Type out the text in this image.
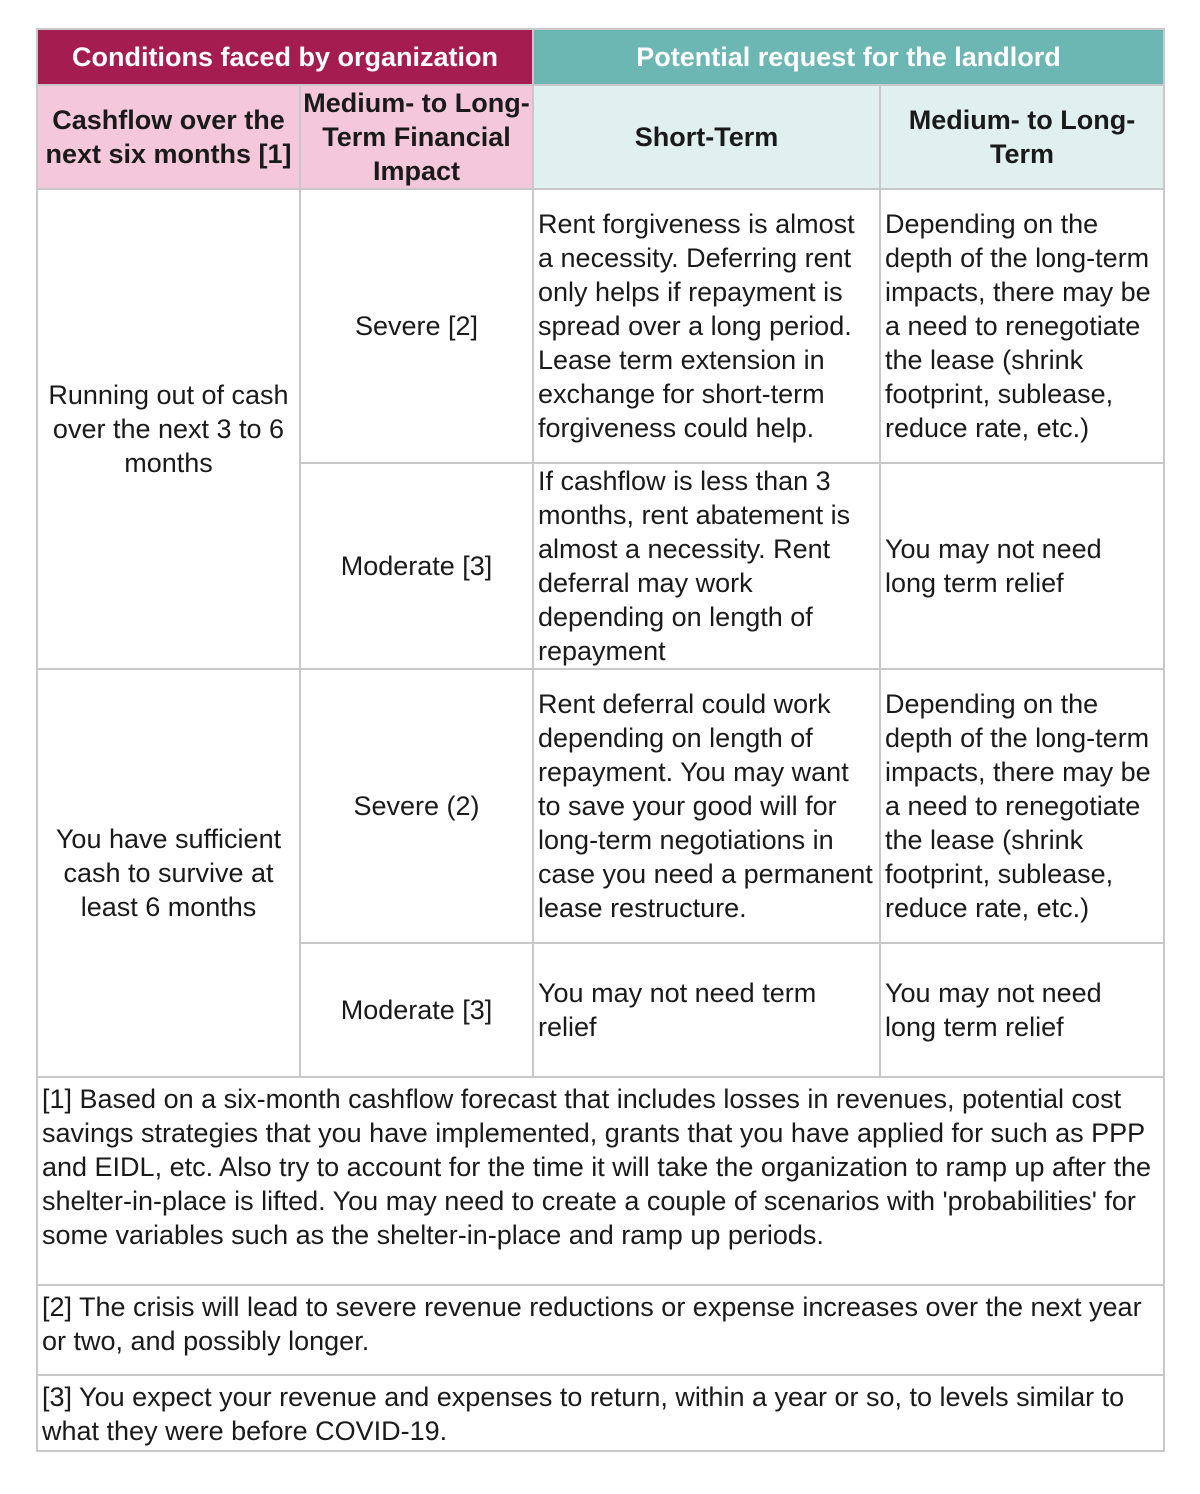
Conditions faced by organization		Potential request for the landlord	
Cashflow over the next six months [1]	Medium- to Long-Term Financial Impact	Short-Term	Medium- to Long-Term
Running out of cash over the next 3 to 6 months	Severe [2]	Rent forgiveness is almost a necessity. Deferring rent only helps if repayment is spread over a long period. Lease term extension in exchange for short-term forgiveness could help.	Depending on the depth of the long-term impacts, there may be a need to renegotiate the lease (shrink footprint, sublease, reduce rate, etc.)
	Moderate [3]	If cashflow is less than 3 months, rent abatement is almost a necessity. Rent deferral may work depending on length of repayment	You may not need long term relief
You have sufficient cash to survive at least 6 months	Severe (2)	Rent deferral could work depending on length of repayment. You may want to save your good will for long-term negotiations in case you need a permanent lease restructure.	Depending on the depth of the long-term impacts, there may be a need to renegotiate the lease (shrink footprint, sublease, reduce rate, etc.)
	Moderate [3]	You may not need term relief	You may not need long term relief
[1] Based on a six-month cashflow forecast that includes losses in revenues, potential cost savings strategies that you have implemented, grants that you have applied for such as PPP and EIDL, etc. Also try to account for the time it will take the organization to ramp up after the shelter-in-place is lifted. You may need to create a couple of scenarios with 'probabilities' for some variables such as the shelter-in-place and ramp up periods.			
[2] The crisis will lead to severe revenue reductions or expense increases over the next year or two, and possibly longer.			
[3] You expect your revenue and expenses to return, within a year or so, to levels similar to what they were before COVID-19.			
